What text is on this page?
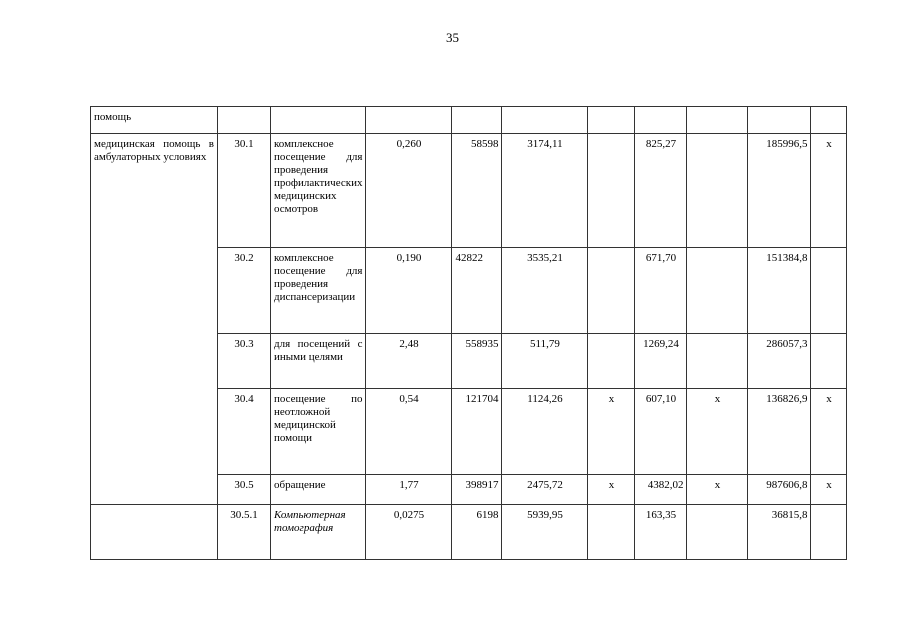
35
помощь										
медицинская помощь в амбулаторных условиях	30.1	комплексное посещение для проведения профилактических медицинских осмотров	0,260	58598	3174,11		825,27		185996,5	х
	30.2	комплексное посещение для проведения диспансеризации	0,190	42822	3535,21		671,70		151384,8	
	30.3	для посещений с иными целями	2,48	558935	511,79		1269,24		286057,3	
	30.4	посещение по неотложной медицинской помощи	0,54	121704	1124,26	х	607,10	х	136826,9	х
	30.5	обращение	1,77	398917	2475,72	х	4382,02	х	987606,8	х
	30.5.1	Компьютерная томография	0,0275	6198	5939,95		163,35		36815,8	
